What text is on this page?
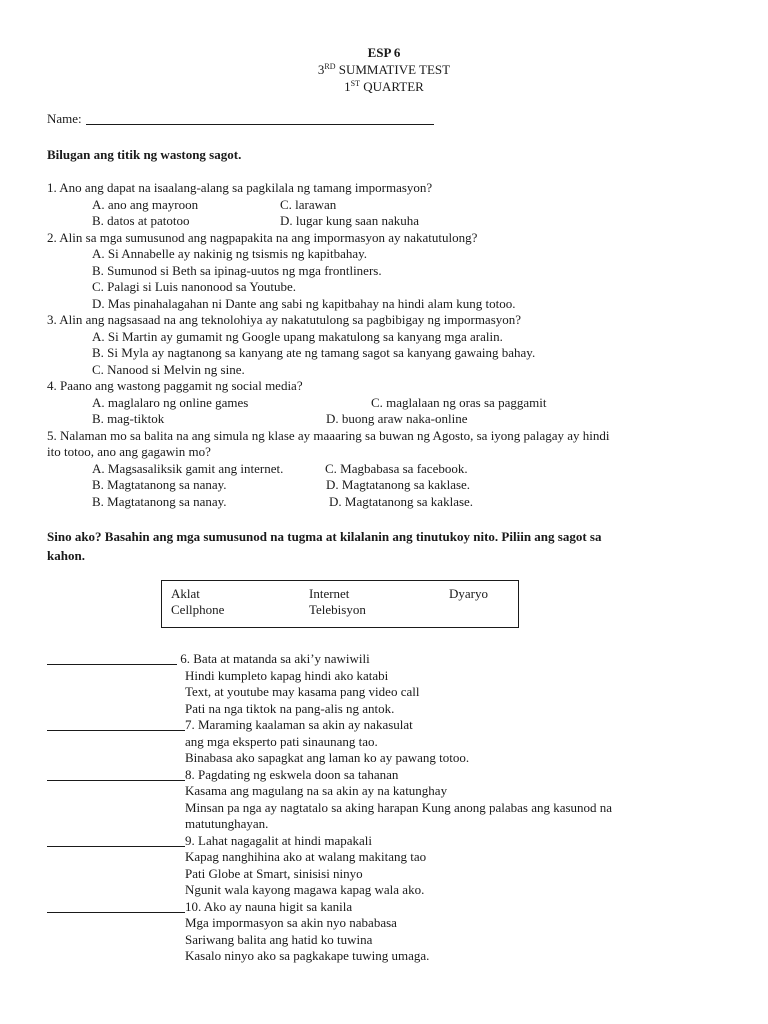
ESP 6
3RD SUMMATIVE TEST
1ST QUARTER
Name:
Bilugan ang titik ng wastong sagot.
1. Ano ang dapat na isaalang-alang sa pagkilala ng tamang impormasyon?
A. ano ang mayroon	C. larawan
B. datos at patotoo	D. lugar kung saan nakuha
2. Alin sa mga sumusunod ang nagpapakita na ang impormasyon ay nakatutulong?
A. Si Annabelle ay nakinig ng tsismis ng kapitbahay.
B. Sumunod si Beth sa ipinag-uutos ng mga frontliners.
C. Palagi si Luis nanonood sa Youtube.
D. Mas pinahalagahan ni Dante ang sabi ng kapitbahay na hindi alam kung totoo.
3. Alin ang nagsasaad na ang teknolohiya ay nakatutulong sa pagbibigay ng impormasyon?
A. Si Martin ay gumamit ng Google upang makatulong sa kanyang mga aralin.
B. Si Myla ay nagtanong sa kanyang ate ng tamang sagot sa kanyang gawaing bahay.
C. Nanood si Melvin ng sine.
4. Paano ang wastong paggamit ng social media?
A. maglalaro ng online games	C. maglalaan ng oras sa paggamit
B. mag-tiktok	D. buong araw naka-online
5. Nalaman mo sa balita na ang simula ng klase ay maaaring sa buwan ng Agosto, sa iyong palagay ay hindi
ito totoo, ano ang gagawin mo?
A. Magsasaliksik gamit ang internet.	C. Magbabasa sa facebook.
B. Magtatanong sa nanay.	D. Magtatanong sa kaklase.
B. Magtatanong sa nanay.	D. Magtatanong sa kaklase.
Sino ako? Basahin ang mga sumusunod na tugma at kilalanin ang tinutukoy nito. Piliin ang sagot sa
kahon.
Aklat	Internet	Dyaryo
Cellphone	Telebisyon
6. Bata at matanda sa aki’y nawiwili
Hindi kumpleto kapag hindi ako katabi
Text, at youtube may kasama pang video call
Pati na nga tiktok na pang-alis ng antok.
7. Maraming kaalaman sa akin ay nakasulat
ang mga eksperto pati sinaunang tao.
Binabasa ako sapagkat ang laman ko ay pawang totoo.
8. Pagdating ng eskwela doon sa tahanan
Kasama ang magulang na sa akin ay na katunghay
Minsan pa nga ay nagtatalo sa aking harapan Kung anong palabas ang kasunod na
matutunghayan.
9. Lahat nagagalit at hindi mapakali
Kapag nanghihina ako at walang makitang tao
Pati Globe at Smart, sinisisi ninyo
Ngunit wala kayong magawa kapag wala ako.
10. Ako ay nauna higit sa kanila
Mga impormasyon sa akin nyo nababasa
Sariwang balita ang hatid ko tuwina
Kasalo ninyo ako sa pagkakape tuwing umaga.
